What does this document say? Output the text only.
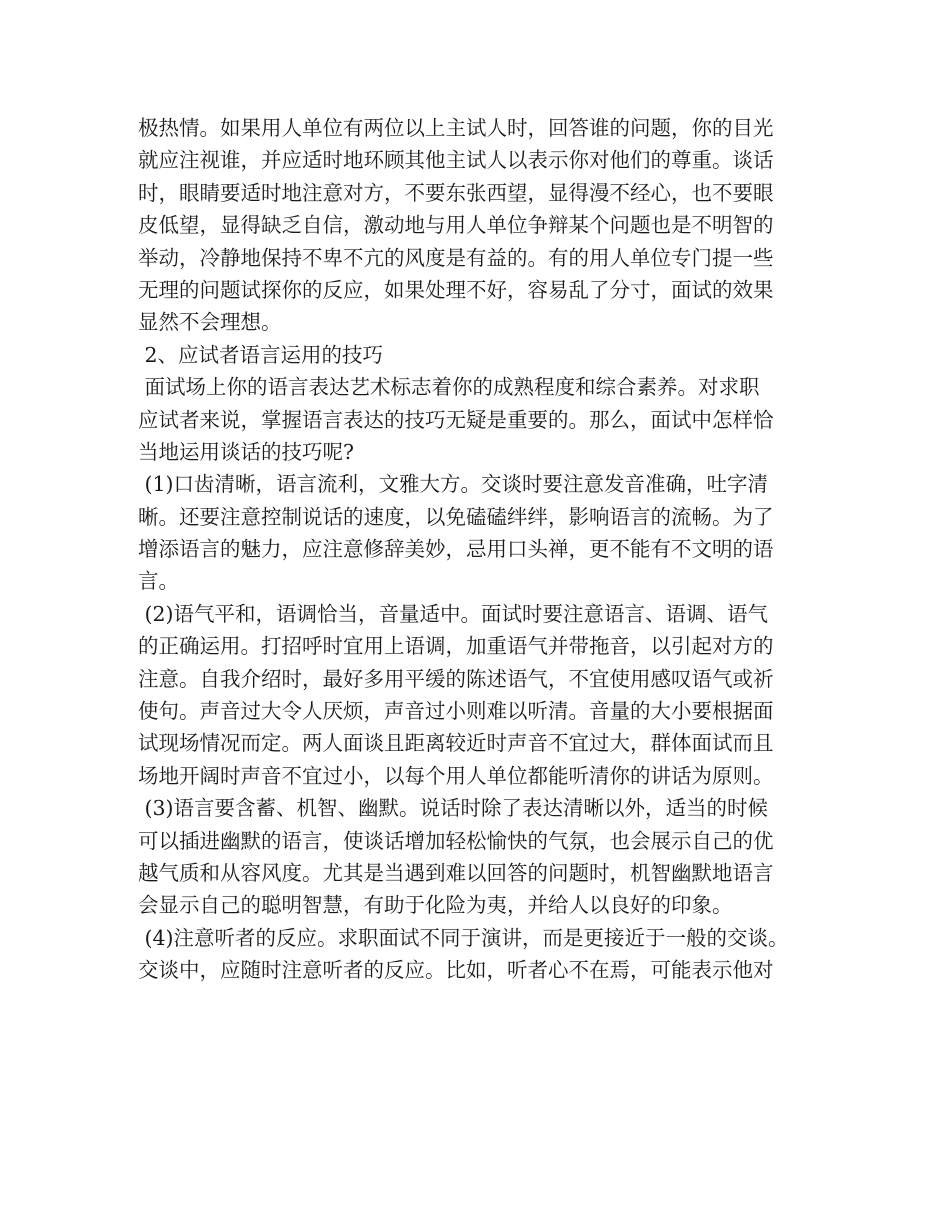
极热情。如果用人单位有两位以上主试人时，回答谁的问题，你的目光
就应注视谁，并应适时地环顾其他主试人以表示你对他们的尊重。谈话
时，眼睛要适时地注意对方，不要东张西望，显得漫不经心，也不要眼
皮低望，显得缺乏自信，激动地与用人单位争辩某个问题也是不明智的
举动，冷静地保持不卑不亢的风度是有益的。有的用人单位专门提一些
无理的问题试探你的反应，如果处理不好，容易乱了分寸，面试的效果
显然不会理想。
2、应试者语言运用的技巧
面试场上你的语言表达艺术标志着你的成熟程度和综合素养。对求职
应试者来说，掌握语言表达的技巧无疑是重要的。那么，面试中怎样恰
当地运用谈话的技巧呢?
(1)口齿清晰，语言流利，文雅大方。交谈时要注意发音准确，吐字清
晰。还要注意控制说话的速度，以免磕磕绊绊，影响语言的流畅。为了
增添语言的魅力，应注意修辞美妙，忌用口头禅，更不能有不文明的语
言。
(2)语气平和，语调恰当，音量适中。面试时要注意语言、语调、语气
的正确运用。打招呼时宜用上语调，加重语气并带拖音，以引起对方的
注意。自我介绍时，最好多用平缓的陈述语气，不宜使用感叹语气或祈
使句。声音过大令人厌烦，声音过小则难以听清。音量的大小要根据面
试现场情况而定。两人面谈且距离较近时声音不宜过大，群体面试而且
场地开阔时声音不宜过小，以每个用人单位都能听清你的讲话为原则。
(3)语言要含蓄、机智、幽默。说话时除了表达清晰以外，适当的时候
可以插进幽默的语言，使谈话增加轻松愉快的气氛，也会展示自己的优
越气质和从容风度。尤其是当遇到难以回答的问题时，机智幽默地语言
会显示自己的聪明智慧，有助于化险为夷，并给人以良好的印象。
(4)注意听者的反应。求职面试不同于演讲，而是更接近于一般的交谈。
交谈中，应随时注意听者的反应。比如，听者心不在焉，可能表示他对
